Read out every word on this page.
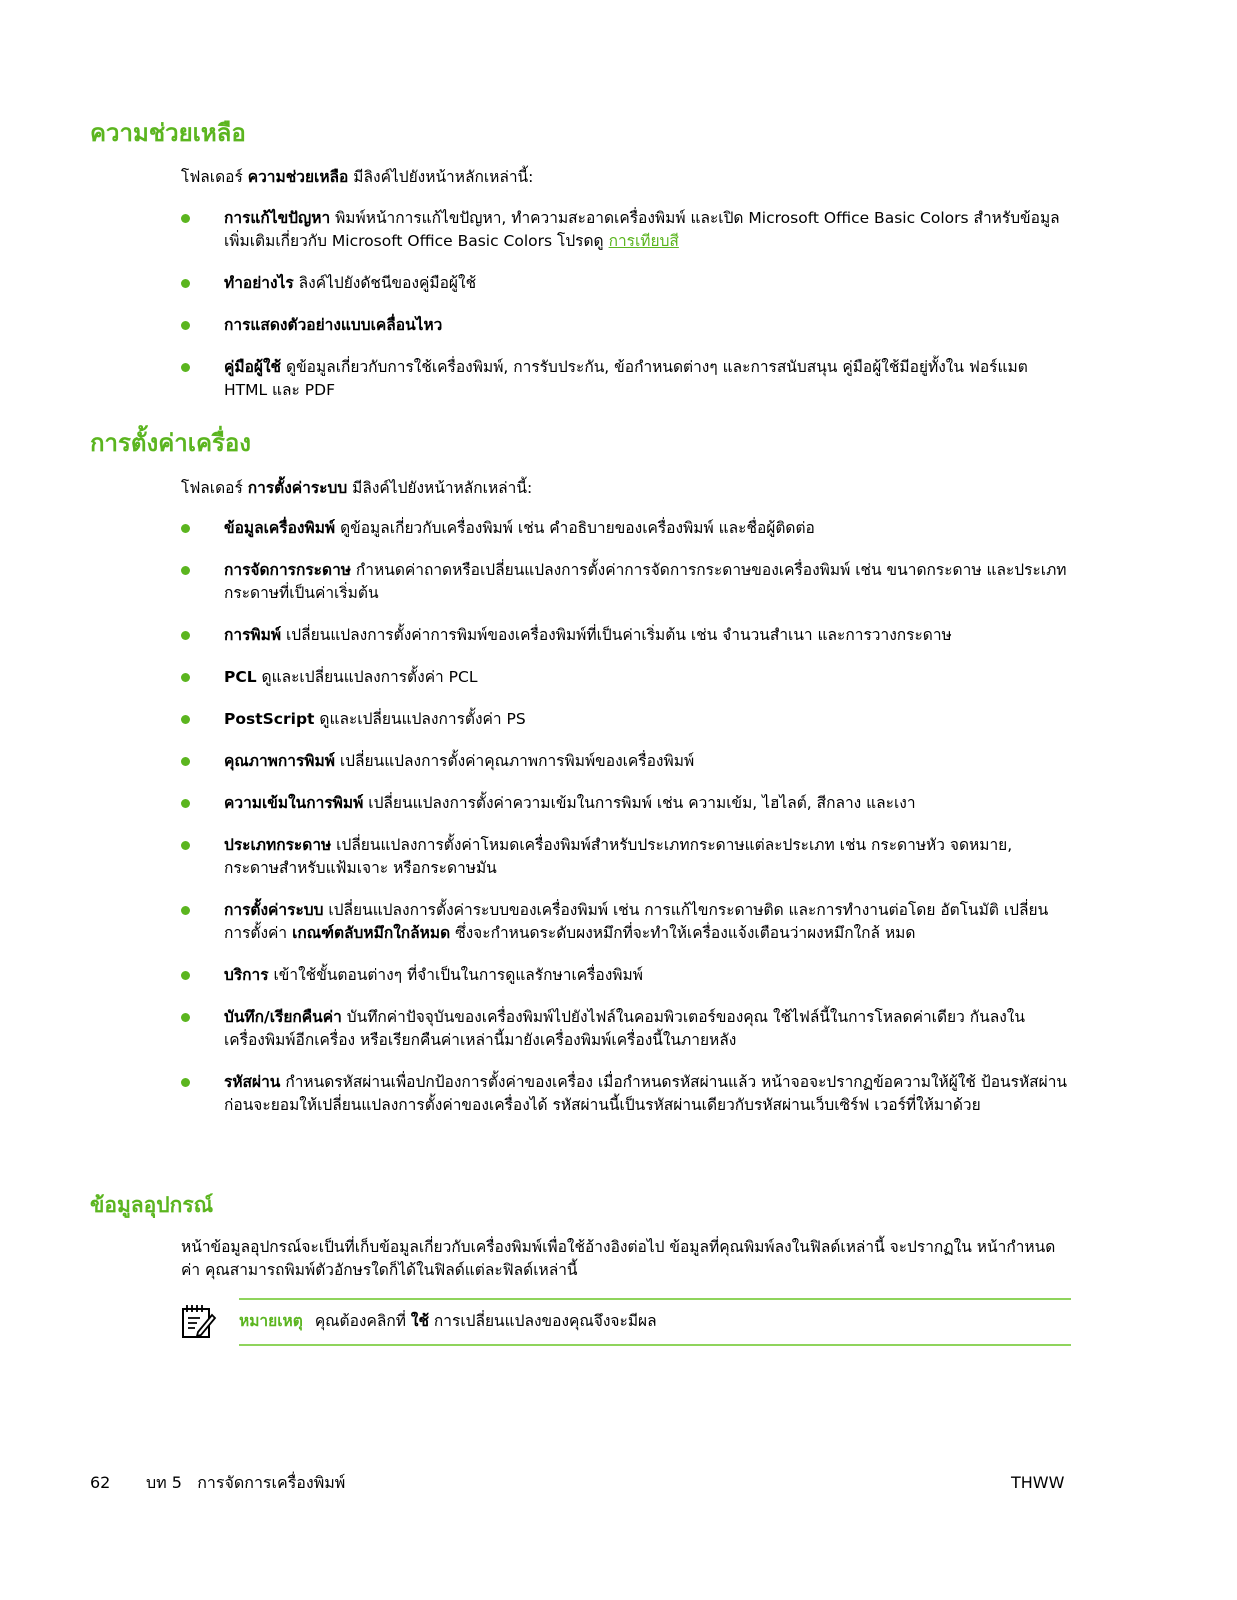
ความช่วยเหลือ

โฟลเดอร์ ความช่วยเหลือ มีลิงค์ไปยังหน้าหลักเหล่านี้:

การแก้ไขปัญหา พิมพ์หน้าการแก้ไขปัญหา, ทำความสะอาดเครื่องพิมพ์ และเปิด Microsoft Office Basic Colors สำหรับข้อมูลเพิ่มเติมเกี่ยวกับ Microsoft Office Basic Colors โปรดดู การเทียบสี
ทำอย่างไร ลิงค์ไปยังดัชนีของคู่มือผู้ใช้
การแสดงตัวอย่างแบบเคลื่อนไหว
คู่มือผู้ใช้ ดูข้อมูลเกี่ยวกับการใช้เครื่องพิมพ์, การรับประกัน, ข้อกำหนดต่างๆ และการสนับสนุน คู่มือผู้ใช้มีอยู่ทั้งใน ฟอร์แมต HTML และ PDF
การตั้งค่าเครื่อง

โฟลเดอร์ การตั้งค่าระบบ มีลิงค์ไปยังหน้าหลักเหล่านี้:

ข้อมูลเครื่องพิมพ์ ดูข้อมูลเกี่ยวกับเครื่องพิมพ์ เช่น คำอธิบายของเครื่องพิมพ์ และชื่อผู้ติดต่อ
การจัดการกระดาษ กำหนดค่าถาดหรือเปลี่ยนแปลงการตั้งค่าการจัดการกระดาษของเครื่องพิมพ์ เช่น ขนาดกระดาษ และประเภทกระดาษที่เป็นค่าเริ่มต้น
การพิมพ์ เปลี่ยนแปลงการตั้งค่าการพิมพ์ของเครื่องพิมพ์ที่เป็นค่าเริ่มต้น เช่น จำนวนสำเนา และการวางกระดาษ
PCL ดูและเปลี่ยนแปลงการตั้งค่า PCL
PostScript ดูและเปลี่ยนแปลงการตั้งค่า PS
คุณภาพการพิมพ์ เปลี่ยนแปลงการตั้งค่าคุณภาพการพิมพ์ของเครื่องพิมพ์
ความเข้มในการพิมพ์ เปลี่ยนแปลงการตั้งค่าความเข้มในการพิมพ์ เช่น ความเข้ม, ไฮไลต์, สีกลาง และเงา
ประเภทกระดาษ เปลี่ยนแปลงการตั้งค่าโหมดเครื่องพิมพ์สำหรับประเภทกระดาษแต่ละประเภท เช่น กระดาษหัว จดหมาย, กระดาษสำหรับแฟ้มเจาะ หรือกระดาษมัน
การตั้งค่าระบบ เปลี่ยนแปลงการตั้งค่าระบบของเครื่องพิมพ์ เช่น การแก้ไขกระดาษติด และการทำงานต่อโดย อัตโนมัติ เปลี่ยนการตั้งค่า เกณฑ์ตลับหมึกใกล้หมด ซึ่งจะกำหนดระดับผงหมึกที่จะทำให้เครื่องแจ้งเตือนว่าผงหมึกใกล้ หมด
บริการ เข้าใช้ขั้นตอนต่างๆ ที่จำเป็นในการดูแลรักษาเครื่องพิมพ์
บันทึก/เรียกคืนค่า บันทึกค่าปัจจุบันของเครื่องพิมพ์ไปยังไฟล์ในคอมพิวเตอร์ของคุณ ใช้ไฟล์นี้ในการโหลดค่าเดียว กันลงในเครื่องพิมพ์อีกเครื่อง หรือเรียกคืนค่าเหล่านี้มายังเครื่องพิมพ์เครื่องนี้ในภายหลัง
รหัสผ่าน กำหนดรหัสผ่านเพื่อปกป้องการตั้งค่าของเครื่อง เมื่อกำหนดรหัสผ่านแล้ว หน้าจอจะปรากฏข้อความให้ผู้ใช้ ป้อนรหัสผ่านก่อนจะยอมให้เปลี่ยนแปลงการตั้งค่าของเครื่องได้ รหัสผ่านนี้เป็นรหัสผ่านเดียวกับรหัสผ่านเว็บเซิร์ฟ เวอร์ที่ให้มาด้วย
ข้อมูลอุปกรณ์

หน้าข้อมูลอุปกรณ์จะเป็นที่เก็บข้อมูลเกี่ยวกับเครื่องพิมพ์เพื่อใช้อ้างอิงต่อไป ข้อมูลที่คุณพิมพ์ลงในฟิลด์เหล่านี้ จะปรากฏใน หน้ากำหนดค่า คุณสามารถพิมพ์ตัวอักษรใดก็ได้ในฟิลด์แต่ละฟิลด์เหล่านี้

หมายเหตุ คุณต้องคลิกที่ ใช้ การเปลี่ยนแปลงของคุณจึงจะมีผล
62 บท 5   การจัดการเครื่องพิมพ์	THWW
